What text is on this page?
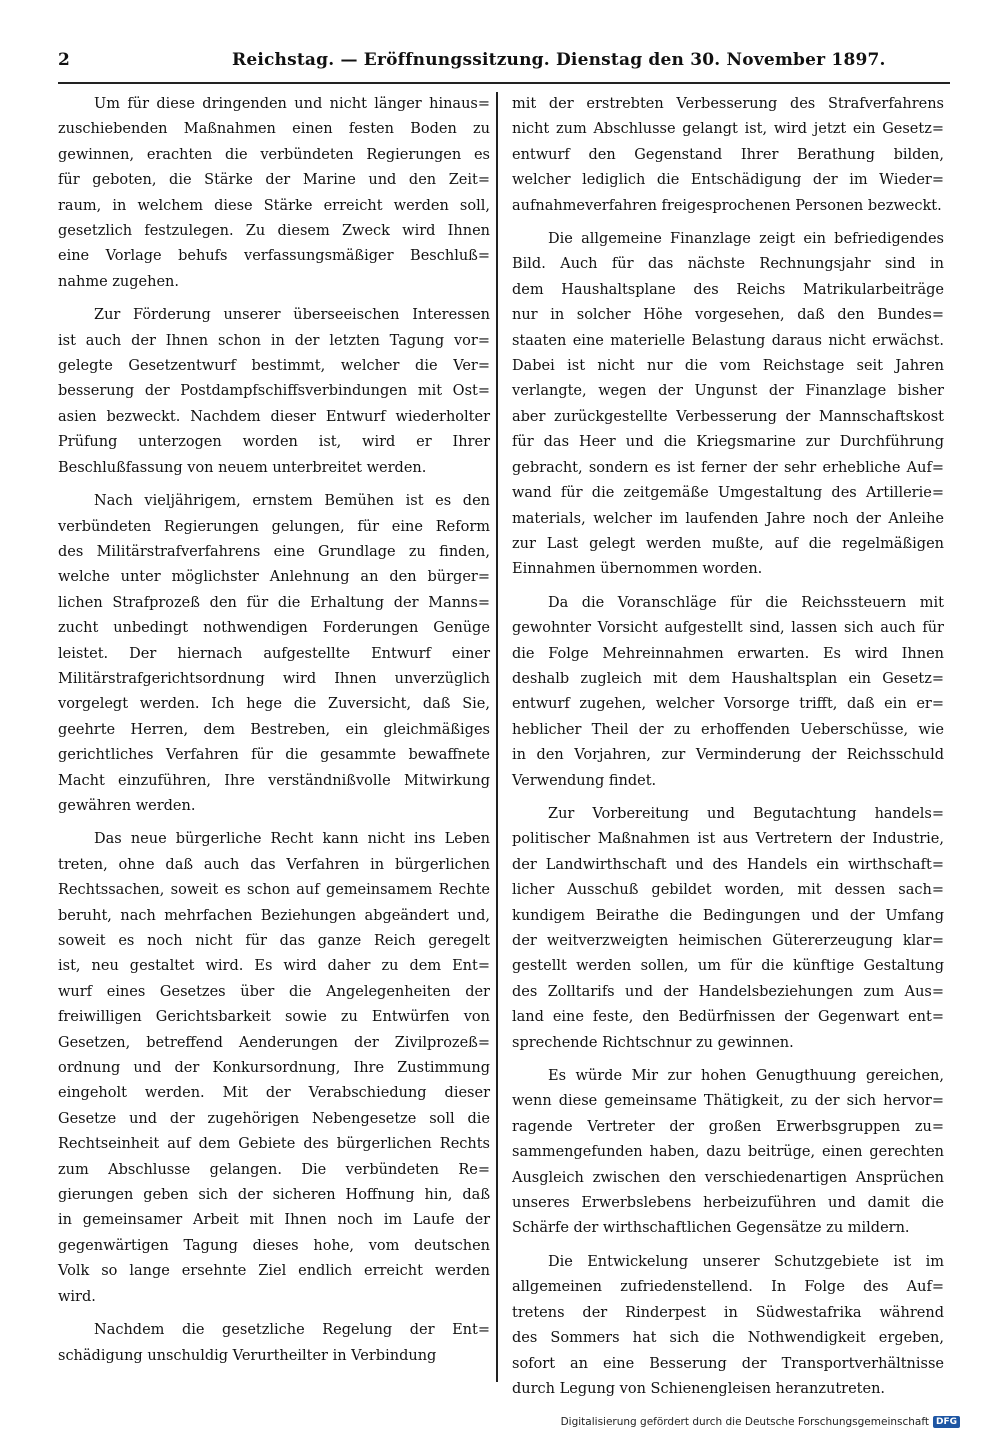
2	Reichstag. — Eröffnungssitzung. Dienstag den 30. November 1897.
Um für diese dringenden und nicht länger hinaus=
zuschiebenden Maßnahmen einen festen Boden zu
gewinnen, erachten die verbündeten Regierungen es
für geboten, die Stärke der Marine und den Zeit=
raum, in welchem diese Stärke erreicht werden soll,
gesetzlich festzulegen. Zu diesem Zweck wird Ihnen
eine Vorlage behufs verfassungsmäßiger Beschluß=
nahme zugehen.
Zur Förderung unserer überseeischen Interessen
ist auch der Ihnen schon in der letzten Tagung vor=
gelegte Gesetzentwurf bestimmt, welcher die Ver=
besserung der Postdampfschiffsverbindungen mit Ost=
asien bezweckt. Nachdem dieser Entwurf wiederholter
Prüfung unterzogen worden ist, wird er Ihrer
Beschlußfassung von neuem unterbreitet werden.
Nach vieljährigem, ernstem Bemühen ist es den
verbündeten Regierungen gelungen, für eine Reform
des Militärstrafverfahrens eine Grundlage zu finden,
welche unter möglichster Anlehnung an den bürger=
lichen Strafprozeß den für die Erhaltung der Manns=
zucht unbedingt nothwendigen Forderungen Genüge
leistet. Der hiernach aufgestellte Entwurf einer
Militärstrafgerichtsordnung wird Ihnen unverzüglich
vorgelegt werden. Ich hege die Zuversicht, daß Sie,
geehrte Herren, dem Bestreben, ein gleichmäßiges
gerichtliches Verfahren für die gesammte bewaffnete
Macht einzuführen, Ihre verständnißvolle Mitwirkung
gewähren werden.
Das neue bürgerliche Recht kann nicht ins Leben
treten, ohne daß auch das Verfahren in bürgerlichen
Rechtssachen, soweit es schon auf gemeinsamem Rechte
beruht, nach mehrfachen Beziehungen abgeändert und,
soweit es noch nicht für das ganze Reich geregelt
ist, neu gestaltet wird. Es wird daher zu dem Ent=
wurf eines Gesetzes über die Angelegenheiten der
freiwilligen Gerichtsbarkeit sowie zu Entwürfen von
Gesetzen, betreffend Aenderungen der Zivilprozeß=
ordnung und der Konkursordnung, Ihre Zustimmung
eingeholt werden. Mit der Verabschiedung dieser
Gesetze und der zugehörigen Nebengesetze soll die
Rechtseinheit auf dem Gebiete des bürgerlichen Rechts
zum Abschlusse gelangen. Die verbündeten Re=
gierungen geben sich der sicheren Hoffnung hin, daß
in gemeinsamer Arbeit mit Ihnen noch im Laufe der
gegenwärtigen Tagung dieses hohe, vom deutschen
Volk so lange ersehnte Ziel endlich erreicht werden
wird.
Nachdem die gesetzliche Regelung der Ent=
schädigung unschuldig Verurtheilter in Verbindung
mit der erstrebten Verbesserung des Strafverfahrens
nicht zum Abschlusse gelangt ist, wird jetzt ein Gesetz=
entwurf den Gegenstand Ihrer Berathung bilden,
welcher lediglich die Entschädigung der im Wieder=
aufnahmeverfahren freigesprochenen Personen bezweckt.
Die allgemeine Finanzlage zeigt ein befriedigendes
Bild. Auch für das nächste Rechnungsjahr sind in
dem Haushaltsplane des Reichs Matrikularbeiträge
nur in solcher Höhe vorgesehen, daß den Bundes=
staaten eine materielle Belastung daraus nicht erwächst.
Dabei ist nicht nur die vom Reichstage seit Jahren
verlangte, wegen der Ungunst der Finanzlage bisher
aber zurückgestellte Verbesserung der Mannschaftskost
für das Heer und die Kriegsmarine zur Durchführung
gebracht, sondern es ist ferner der sehr erhebliche Auf=
wand für die zeitgemäße Umgestaltung des Artillerie=
materials, welcher im laufenden Jahre noch der Anleihe
zur Last gelegt werden mußte, auf die regelmäßigen
Einnahmen übernommen worden.
Da die Voranschläge für die Reichssteuern mit
gewohnter Vorsicht aufgestellt sind, lassen sich auch für
die Folge Mehreinnahmen erwarten. Es wird Ihnen
deshalb zugleich mit dem Haushaltsplan ein Gesetz=
entwurf zugehen, welcher Vorsorge trifft, daß ein er=
heblicher Theil der zu erhoffenden Ueberschüsse, wie
in den Vorjahren, zur Verminderung der Reichsschuld
Verwendung findet.
Zur Vorbereitung und Begutachtung handels=
politischer Maßnahmen ist aus Vertretern der Industrie,
der Landwirthschaft und des Handels ein wirthschaft=
licher Ausschuß gebildet worden, mit dessen sach=
kundigem Beirathe die Bedingungen und der Umfang
der weitverzweigten heimischen Gütererzeugung klar=
gestellt werden sollen, um für die künftige Gestaltung
des Zolltarifs und der Handelsbeziehungen zum Aus=
land eine feste, den Bedürfnissen der Gegenwart ent=
sprechende Richtschnur zu gewinnen.
Es würde Mir zur hohen Genugthuung gereichen,
wenn diese gemeinsame Thätigkeit, zu der sich hervor=
ragende Vertreter der großen Erwerbsgruppen zu=
sammengefunden haben, dazu beitrüge, einen gerechten
Ausgleich zwischen den verschiedenartigen Ansprüchen
unseres Erwerbslebens herbeizuführen und damit die
Schärfe der wirthschaftlichen Gegensätze zu mildern.
Die Entwickelung unserer Schutzgebiete ist im
allgemeinen zufriedenstellend. In Folge des Auf=
tretens der Rinderpest in Südwestafrika während
des Sommers hat sich die Nothwendigkeit ergeben,
sofort an eine Besserung der Transportverhältnisse
durch Legung von Schienengleisen heranzutreten.
Digitalisierung gefördert durch die Deutsche Forschungsgemeinschaft DFG
